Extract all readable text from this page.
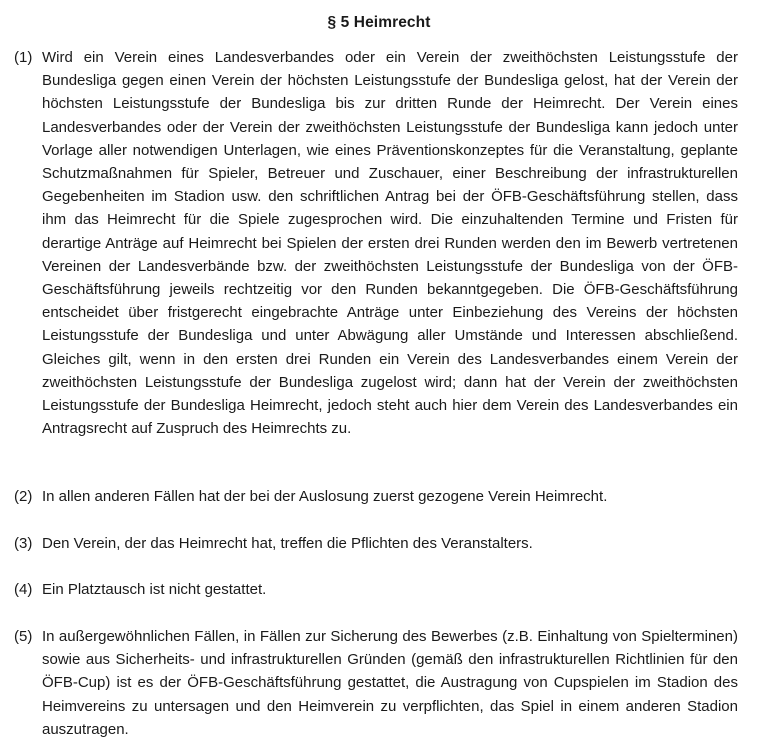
§ 5 Heimrecht
(1) Wird ein Verein eines Landesverbandes oder ein Verein der zweithöchsten Leistungsstufe der Bundesliga gegen einen Verein der höchsten Leistungsstufe der Bundesliga gelost, hat der Verein der höchsten Leistungsstufe der Bundesliga bis zur dritten Runde der Heimrecht. Der Verein eines Landesverbandes oder der Verein der zweithöchsten Leistungsstufe der Bundesliga kann jedoch unter Vorlage aller notwendigen Unterlagen, wie eines Präventionskonzeptes für die Veranstaltung, geplante Schutzmaßnahmen für Spieler, Betreuer und Zuschauer, einer Beschreibung der infrastrukturellen Gegebenheiten im Stadion usw. den schriftlichen Antrag bei der ÖFB-Geschäftsführung stellen, dass ihm das Heimrecht für die Spiele zugesprochen wird. Die einzuhaltenden Termine und Fristen für derartige Anträge auf Heimrecht bei Spielen der ersten drei Runden werden den im Bewerb vertretenen Vereinen der Landesverbände bzw. der zweithöchsten Leistungsstufe der Bundesliga von der ÖFB-Geschäftsführung jeweils rechtzeitig vor den Runden bekanntgegeben. Die ÖFB-Geschäftsführung entscheidet über fristgerecht eingebrachte Anträge unter Einbeziehung des Vereins der höchsten Leistungsstufe der Bundesliga und unter Abwägung aller Umstände und Interessen abschließend. Gleiches gilt, wenn in den ersten drei Runden ein Verein des Landesverbandes einem Verein der zweithöchsten Leistungsstufe der Bundesliga zugelost wird; dann hat der Verein der zweithöchsten Leistungsstufe der Bundesliga Heimrecht, jedoch steht auch hier dem Verein des Landesverbandes ein Antragsrecht auf Zuspruch des Heimrechts zu.
(2) In allen anderen Fällen hat der bei der Auslosung zuerst gezogene Verein Heimrecht.
(3) Den Verein, der das Heimrecht hat, treffen die Pflichten des Veranstalters.
(4) Ein Platztausch ist nicht gestattet.
(5) In außergewöhnlichen Fällen, in Fällen zur Sicherung des Bewerbes (z.B. Einhaltung von Spielterminen) sowie aus Sicherheits- und infrastrukturellen Gründen (gemäß den infrastrukturellen Richtlinien für den ÖFB-Cup) ist es der ÖFB-Geschäftsführung gestattet, die Austragung von Cupspielen im Stadion des Heimvereins zu untersagen und den Heimverein zu verpflichten, das Spiel in einem anderen Stadion auszutragen.
